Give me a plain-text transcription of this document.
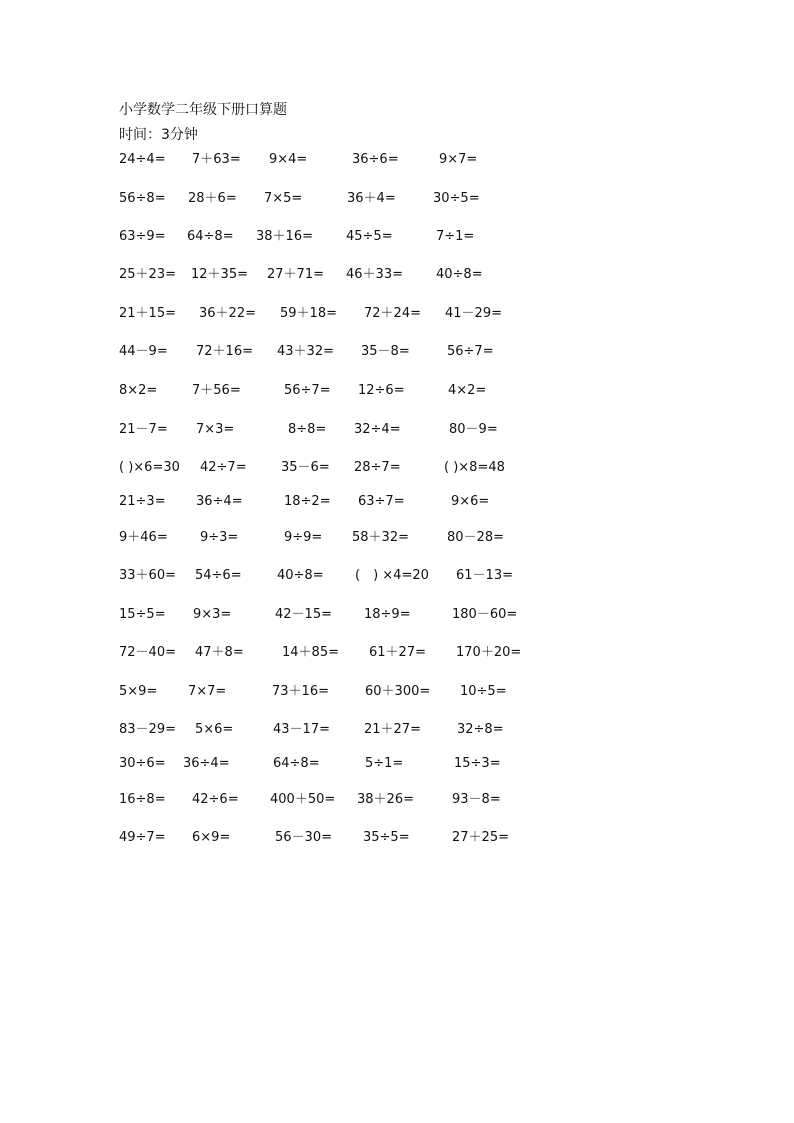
小学数学二年级下册口算题
时间：3分钟
24÷4= 7＋63= 9×4=	36÷6=	9×7=
56÷8= 28＋6= 7×5=	36＋4=	30÷5=
63÷9= 64÷8= 38＋16=	45÷5=	7÷1=
25＋23= 12＋35= 27＋71= 46＋33=	40÷8=
21＋15= 36＋22= 59＋18= 72＋24= 41－29=
44－9= 72＋16= 43＋32= 35－8=	56÷7=
8×2=	7＋56=	56÷7= 12÷6=	4×2=
21－7= 7×3=	8÷8= 32÷4=	80－9=
( )×6=30 42÷7=	35－6= 28÷7=	( )×8=48
21÷3= 36÷4=	18÷2= 63÷7=	9×6=
9＋46= 9÷3=	9÷9= 58＋32=	80－28=
33＋60= 54÷6=	40÷8= (　) ×4=20 61－13=
15÷5= 9×3=	42－15= 18÷9=	180－60=
72－40= 47＋8=	14＋85= 61＋27= 170＋20=
5×9= 7×7=	73＋16=	60＋300= 10÷5=
83－29= 5×6=	43－17=	21＋27=	32÷8=
30÷6= 36÷4=	64÷8=	5÷1=	15÷3=
16÷8= 42÷6= 400＋50= 38＋26=	93－8=
49÷7= 6×9=	56－30= 35÷5=	27＋25=
